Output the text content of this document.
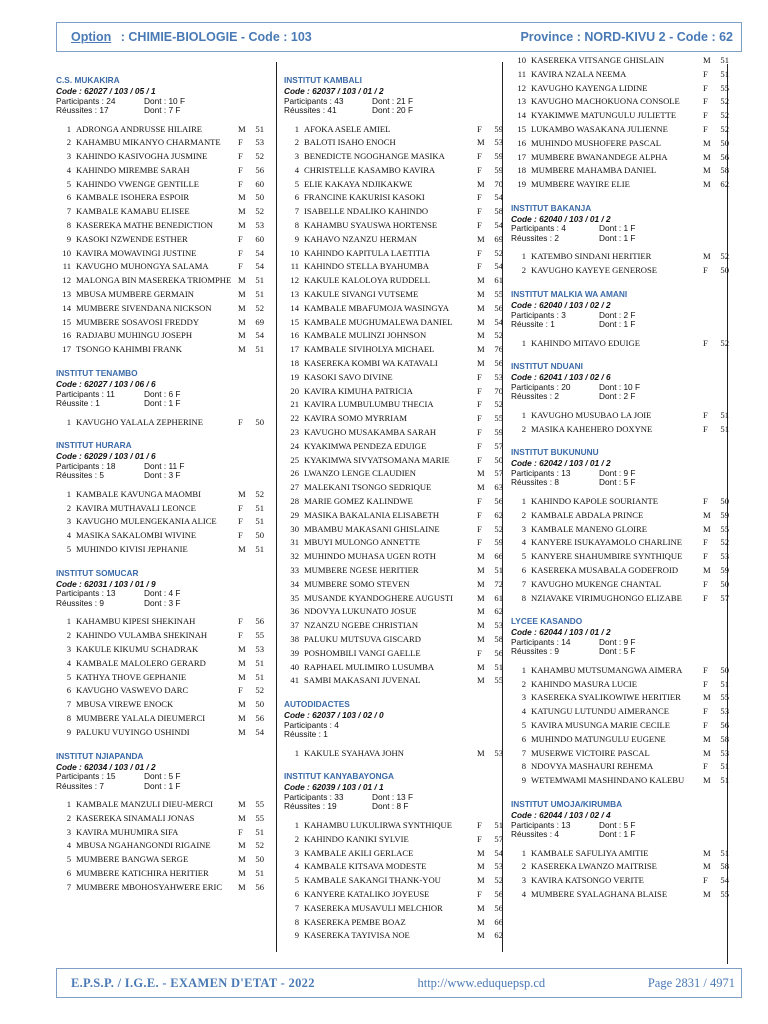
Option : CHIMIE-BIOLOGIE - Code : 103	Province : NORD-KIVU 2 - Code : 62
C.S. MUKAKIRA
Code : 62027 / 103 / 05 / 1
Participants : 24	Dont : 10 F
Réussites : 17	Dont : 7 F
1 ADRONGA ANDRUSSE HILAIRE	M	51
2 KAHAMBU MIKANYO CHARMANTE	F	53
3 KAHINDO KASIVOGHA JUSMINE	F	52
4 KAHINDO MIREMBE SARAH	F	56
5 KAHINDO VWENGE GENTILLE	F	60
6 KAMBALE ISOHERA ESPOIR	M	50
7 KAMBALE KAMABU ELISEE	M	52
8 KASEREKA MATHE BENEDICTION	M	53
9 KASOKI NZWENDE ESTHER	F	60
10 KAVIRA MOWAVINGI JUSTINE	F	54
11 KAVUGHO MUHONGYA SALAMA	F	54
12 MALONGA BIN MASEREKA TRIOMPHE M	51
13 MBUSA MUMBERE GERMAIN	M	51
14 MUMBERE SIVENDANA NICKSON	M	52
15 MUMBERE SOSAVOSI FREDDY	M	69
16 RADJABU MUHINGU JOSEPH	M	54
17 TSONGO KAHIMBI FRANK	M	51
INSTITUT TENAMBO
Code : 62027 / 103 / 06 / 6
Participants : 11	Dont : 6 F
Réussite : 1	Dont : 1 F
1 KAVUGHO YALALA ZEPHERINE	F	50
INSTITUT HURARA
Code : 62029 / 103 / 01 / 6
Participants : 18	Dont : 11 F
Réussites : 5	Dont : 3 F
1 KAMBALE KAVUNGA MAOMBI	M	52
2 KAVIRA MUTHAVALI LEONCE	F	51
3 KAVUGHO MULENGEKANIA ALICE	F	51
4 MASIKA SAKALOMBI WIVINE	F	50
5 MUHINDO KIVISI JEPHANIE	M	51
INSTITUT SOMUCAR
Code : 62031 / 103 / 01 / 9
Participants : 13	Dont : 4 F
Réussites : 9	Dont : 3 F
1 KAHAMBU KIPESI SHEKINAH	F	56
2 KAHINDO VULAMBA SHEKINAH	F	55
3 KAKULE KIKUMU SCHADRAK	M	53
4 KAMBALE MALOLERO GERARD	M	51
5 KATHYA THOVE GEPHANIE	M	51
6 KAVUGHO VASWEVO DARC	F	52
7 MBUSA VIREWE ENOCK	M	50
8 MUMBERE YALALA DIEUMERCI	M	56
9 PALUKU VUYINGO USHINDI	M	54
INSTITUT NJIAPANDA
Code : 62034 / 103 / 01 / 2
Participants : 15	Dont : 5 F
Réussites : 7	Dont : 1 F
1 KAMBALE MANZULI DIEU-MERCI	M	55
2 KASEREKA SINAMALI JONAS	M	55
3 KAVIRA MUHUMIRA SIFA	F	51
4 MBUSA NGAHANGONDI RIGAINE	M	52
5 MUMBERE BANGWA SERGE	M	50
6 MUMBERE KATICHIRA HERITIER	M	51
7 MUMBERE MBOHOSYAHWERE ERIC	M	56
INSTITUT KAMBALI
Code : 62037 / 103 / 01 / 2
Participants : 43	Dont : 21 F
Réussites : 41	Dont : 20 F
1 AFOKA ASELE AMIEL	F	59
2 BALOTI ISAHO ENOCH	M	53
3 BENEDICTE NGOGHANGE MASIKA	F	59
4 CHRISTELLE KASAMBO KAVIRA	F	59
5 ELIE KAKAYA NDJIKAKWE	M	70
6 FRANCINE KAKURISI KASOKI	F	54
7 ISABELLE NDALIKO KAHINDO	F	58
8 KAHAMBU SYAUSWA HORTENSE	F	54
9 KAHAVO NZANZU HERMAN	M	69
10 KAHINDO KAPITULA LAETITIA	F	52
11 KAHINDO STELLA BYAHUMBA	F	54
12 KAKULE KALOLOYA RUDDELL	M	61
13 KAKULE SIVANGI VUTSEME	M	55
14 KAMBALE MBAFUMOJA WASINGYA	M	56
15 KAMBALE MUGHUMALEWA DANIEL	M	54
16 KAMBALE MULINZI JOHNSON	M	52
17 KAMBALE SIVIHOLYA MICHAEL	M	76
18 KASEREKA KOMBI WA KATAVALI	M	56
19 KASOKI SAVO DIVINE	F	53
20 KAVIRA KIMUHA PATRICIA	F	70
21 KAVIRA LUMBULUMBU THECIA	F	52
22 KAVIRA SOMO MYRRIAM	F	55
23 KAVUGHO MUSAKAMBA SARAH	F	59
24 KYAKIMWA PENDEZA EDUIGE	F	57
25 KYAKIMWA SIVYATSOMANA MARIE	F	50
26 LWANZO LENGE CLAUDIEN	M	57
27 MALEKANI TSONGO SEDRIQUE	M	63
28 MARIE GOMEZ KALINDWE	F	56
29 MASIKA BAKALANIA ELISABETH	F	62
30 MBAMBU MAKASANI GHISLAINE	F	52
31 MBUYI MULONGO ANNETTE	F	59
32 MUHINDO MUHASA UGEN ROTH	M	66
33 MUMBERE NGESE HERITIER	M	51
34 MUMBERE SOMO STEVEN	M	72
35 MUSANDE KYANDOGHERE AUGUSTI	M	61
36 NDOVYA LUKUNATO JOSUE	M	62
37 NZANZU NGEBE CHRISTIAN	M	53
38 PALUKU MUTSUVA GISCARD	M	58
39 POSHOMBILI VANGI GAELLE	F	56
40 RAPHAEL MULIMIRO LUSUMBA	M	51
41 SAMBI MAKASANI JUVENAL	M	55
AUTODIDACTES
Code : 62037 / 103 / 02 / 0
Participants : 4
Réussite : 1
1 KAKULE SYAHAVA JOHN	M	53
INSTITUT KANYABAYONGA
Code : 62039 / 103 / 01 / 1
Participants : 33	Dont : 13 F
Réussites : 19	Dont : 8 F
1 KAHAMBU LUKULIRWA SYNTHIQUE	F	51
2 KAHINDO KANIKI SYLVIE	F	57
3 KAMBALE AKILI GERLACE	M	54
4 KAMBALE KITSAVA MODESTE	M	53
5 KAMBALE SAKANGI THANK-YOU	M	52
6 KANYERE KATALIKO JOYEUSE	F	56
7 KASEREKA MUSAVULI MELCHIOR	M	56
8 KASEREKA PEMBE BOAZ	M	66
9 KASEREKA TAYIVISA NOE	M	62
10 KASEREKA VITSANGE GHISLAIN	M	51
11 KAVIRA NZALA NEEMA	F	51
12 KAVUGHO KAYENGA LIDINE	F	55
13 KAVUGHO MACHOKUONA CONSOLE	F	52
14 KYAKIMWE MATUNGULU JULIETTE	F	52
15 LUKAMBO WASAKANA JULIENNE	F	52
16 MUHINDO MUSHOFERE PASCAL	M	50
17 MUMBERE BWANANDEGE ALPHA	M	56
18 MUMBERE MAHAMBA DANIEL	M	58
19 MUMBERE WAYIRE ELIE	M	62
INSTITUT BAKANJA
Code : 62040 / 103 / 01 / 2
Participants : 4	Dont : 1 F
Réussites : 2	Dont : 1 F
1 KATEMBO SINDANI HERITIER	M	52
2 KAVUGHO KAYEYE GENEROSE	F	50
INSTITUT MALKIA WA AMANI
Code : 62040 / 103 / 02 / 2
Participants : 3	Dont : 2 F
Réussite : 1	Dont : 1 F
1 KAHINDO MITAVO EDUIGE	F	52
INSTITUT NDUANI
Code : 62041 / 103 / 02 / 6
Participants : 20	Dont : 10 F
Réussites : 2	Dont : 2 F
1 KAVUGHO MUSUBAO LA JOIE	F	51
2 MASIKA KAHEHERO DOXYNE	F	51
INSTITUT BUKUNUNU
Code : 62042 / 103 / 01 / 2
Participants : 13	Dont : 9 F
Réussites : 8	Dont : 5 F
1 KAHINDO KAPOLE SOURIANTE	F	50
2 KAMBALE ABDALA PRINCE	M	59
3 KAMBALE MANENO GLOIRE	M	55
4 KANYERE ISUKAYAMOLO CHARLINE	F	52
5 KANYERE SHAHUMBIRE SYNTHIQUE	F	53
6 KASEREKA MUSABALA GODEFROID	M	59
7 KAVUGHO MUKENGE CHANTAL	F	50
8 NZIAVAKE VIRIMUGHONGO ELIZABE	F	57
LYCEE KASANDO
Code : 62044 / 103 / 01 / 2
Participants : 14	Dont : 9 F
Réussites : 9	Dont : 5 F
1 KAHAMBU MUTSUMANGWA AIMERA	F	50
2 KAHINDO MASURA LUCIE	F	51
3 KASEREKA SYALIKOWIWE HERITIER	M	55
4 KATUNGU LUTUNDU AIMERANCE	F	53
5 KAVIRA MUSUNGA MARIE CECILE	F	56
6 MUHINDO MATUNGULU EUGENE	M	58
7 MUSERWE VICTOIRE PASCAL	M	53
8 NDOVYA MASHAURI REHEMA	F	51
9 WETEMWAMI MASHINDANO KALEBU	M	51
INSTITUT UMOJA/KIRUMBA
Code : 62044 / 103 / 02 / 4
Participants : 13	Dont : 5 F
Réussites : 4	Dont : 1 F
1 KAMBALE SAFULIYA AMITIE	M	51
2 KASEREKA LWANZO MAITRISE	M	58
3 KAVIRA KATSONGO VERITE	F	54
4 MUMBERE SYALAGHANA BLAISE	M	55
E.P.S.P. / I.G.E. - EXAMEN D'ETAT - 2022	http://www.eduquepsp.cd	Page 2831 / 4971
